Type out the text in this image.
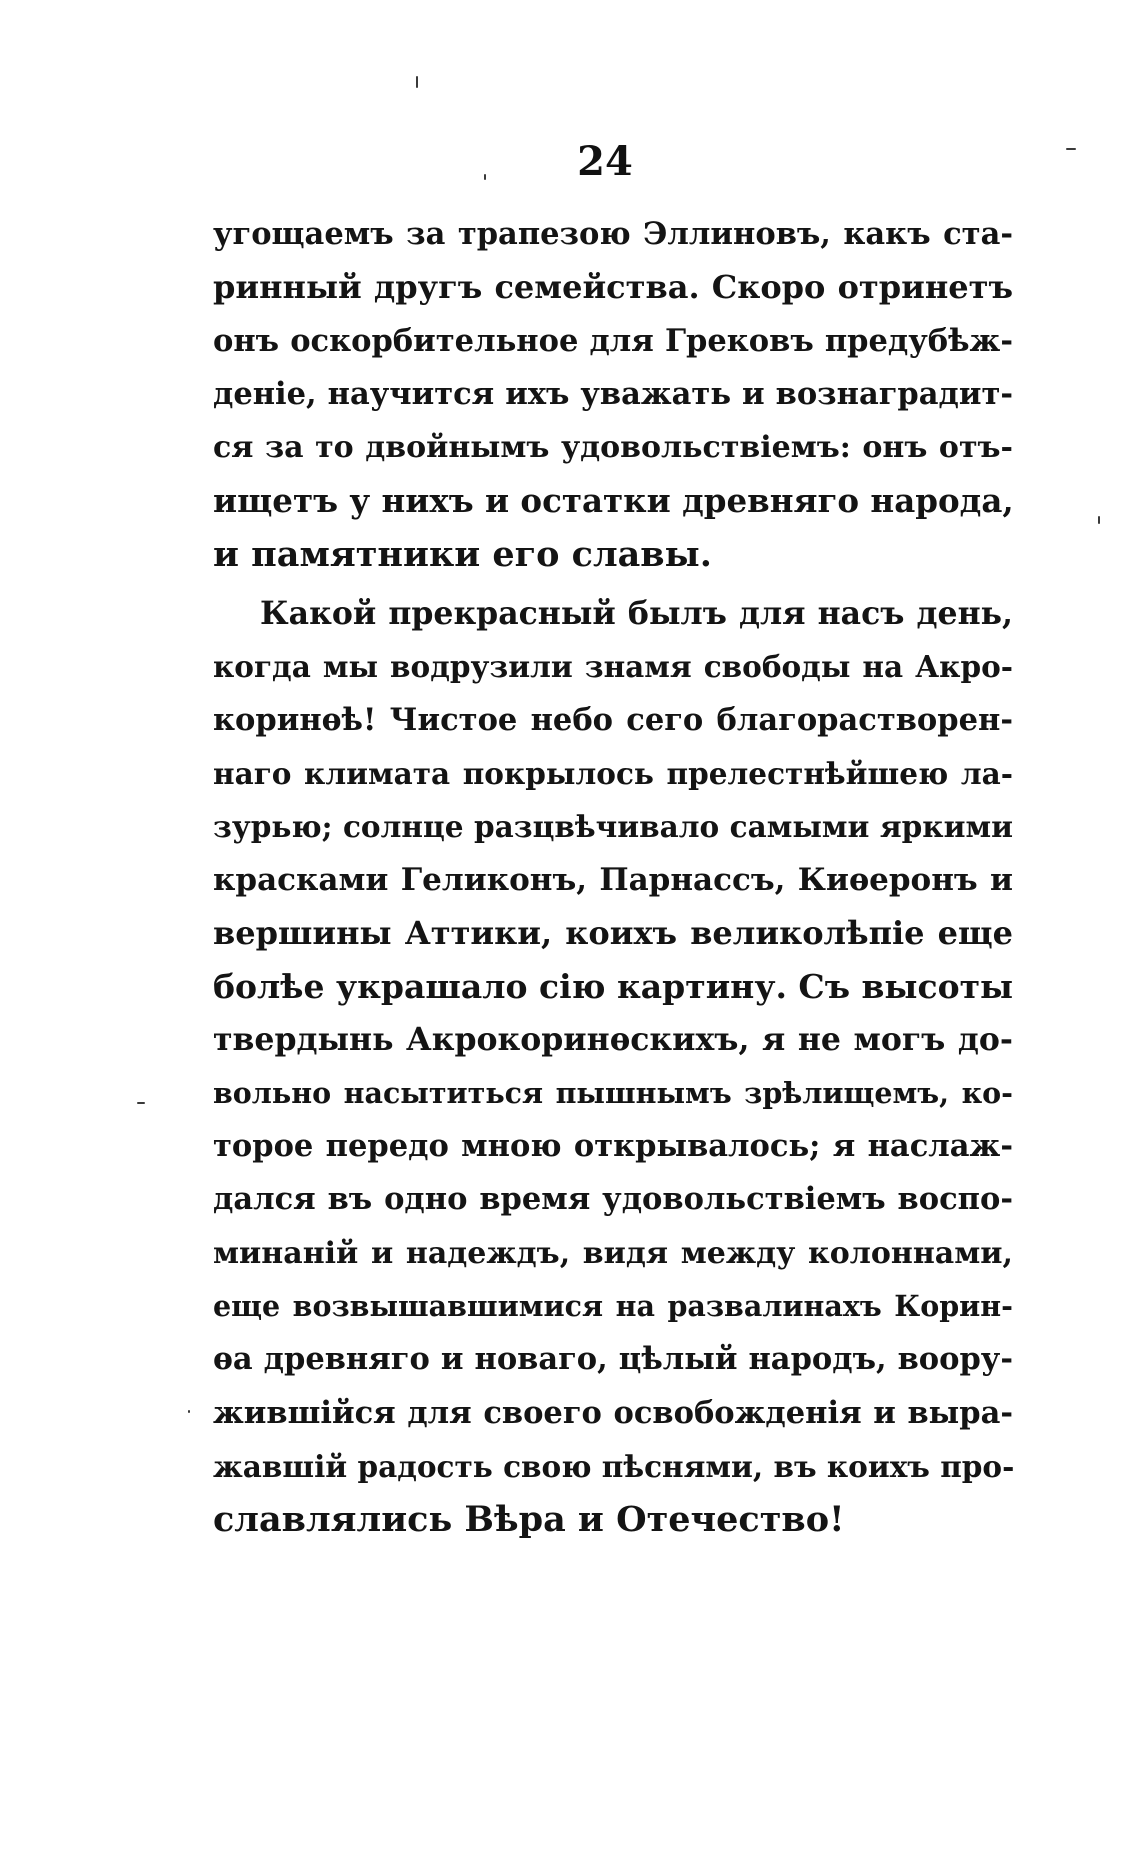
24
угощаемъ за трапезою Эллиновъ, какъ ста-
ринный другъ семейства. Скоро отринетъ
онъ оскорбительное для Грековъ предубѣж-
деніе, научится ихъ уважать и вознаградит-
ся за то двойнымъ удовольствіемъ: онъ отъ-
ищетъ у нихъ и остатки древняго народа,
и памятники его славы.
Какой прекрасный былъ для насъ день,
когда мы водрузили знамя свободы на Акро-
коринѳѣ! Чистое небо сего благорастворен-
наго климата покрылось прелестнѣйшею ла-
зурью; солнце разцвѣчивало самыми яркими
красками Геликонъ, Парнассъ, Киѳеронъ и
вершины Аттики, коихъ великолѣпіе еще
болѣе украшало сію картину. Съ высоты
твердынь Акрокоринѳскихъ, я не могъ до-
вольно насытиться пышнымъ зрѣлищемъ, ко-
торое передо мною открывалось; я наслаж-
дался въ одно время удовольствіемъ воспо-
минаній и надеждъ, видя между колоннами,
еще возвышавшимися на развалинахъ Корин-
ѳа древняго и новаго, цѣлый народъ, воору-
жившійся для своего освобожденія и выра-
жавшій радость свою пѣснями, въ коихъ про-
славлялись Вѣра и Отечество!
